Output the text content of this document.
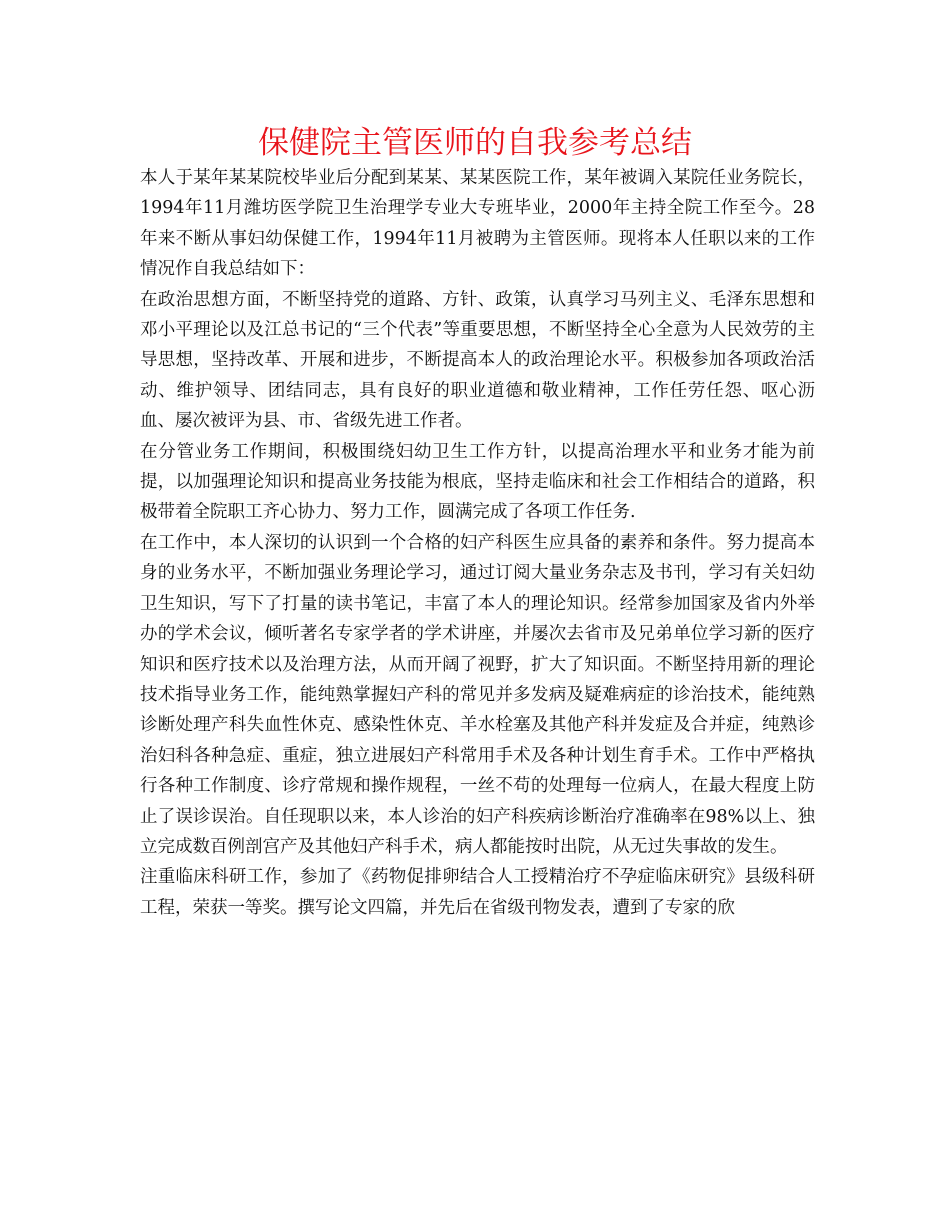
保健院主管医师的自我参考总结

本人于某年某某院校毕业后分配到某某、某某医院工作，某年被调入某院任业务院长，1994年11月潍坊医学院卫生治理学专业大专班毕业，2000年主持全院工作至今。28年来不断从事妇幼保健工作，1994年11月被聘为主管医师。现将本人任职以来的工作情况作自我总结如下：

在政治思想方面，不断坚持党的道路、方针、政策，认真学习马列主义、毛泽东思想和邓小平理论以及江总书记的“三个代表”等重要思想，不断坚持全心全意为人民效劳的主导思想，坚持改革、开展和进步，不断提高本人的政治理论水平。积极参加各项政治活动、维护领导、团结同志，具有良好的职业道德和敬业精神，工作任劳任怨、呕心沥血、屡次被评为县、市、省级先进工作者。

在分管业务工作期间，积极围绕妇幼卫生工作方针，以提高治理水平和业务才能为前提，以加强理论知识和提高业务技能为根底，坚持走临床和社会工作相结合的道路，积极带着全院职工齐心协力、努力工作，圆满完成了各项工作任务.

在工作中，本人深切的认识到一个合格的妇产科医生应具备的素养和条件。努力提高本身的业务水平，不断加强业务理论学习，通过订阅大量业务杂志及书刊，学习有关妇幼卫生知识，写下了打量的读书笔记，丰富了本人的理论知识。经常参加国家及省内外举办的学术会议，倾听著名专家学者的学术讲座，并屡次去省市及兄弟单位学习新的医疗知识和医疗技术以及治理方法，从而开阔了视野，扩大了知识面。不断坚持用新的理论技术指导业务工作，能纯熟掌握妇产科的常见并多发病及疑难病症的诊治技术，能纯熟诊断处理产科失血性休克、感染性休克、羊水栓塞及其他产科并发症及合并症，纯熟诊治妇科各种急症、重症，独立进展妇产科常用手术及各种计划生育手术。工作中严格执行各种工作制度、诊疗常规和操作规程，一丝不苟的处理每一位病人，在最大程度上防止了误诊误治。自任现职以来，本人诊治的妇产科疾病诊断治疗准确率在98%以上、独立完成数百例剖宫产及其他妇产科手术，病人都能按时出院，从无过失事故的发生。

注重临床科研工作，参加了《药物促排卵结合人工授精治疗不孕症临床研究》县级科研工程，荣获一等奖。撰写论文四篇，并先后在省级刊物发表，遭到了专家的欣
